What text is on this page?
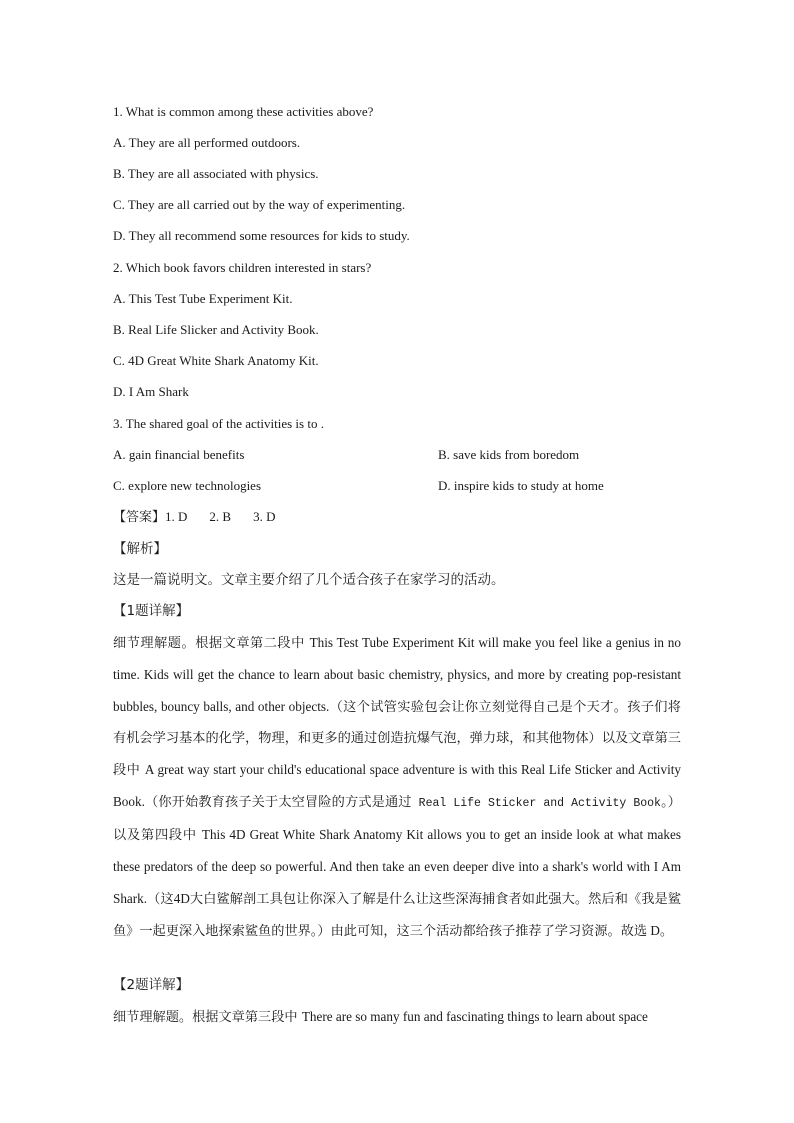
1. What is common among these activities above?
A. They are all performed outdoors.
B. They are all associated with physics.
C. They are all carried out by the way of experimenting.
D. They all recommend some resources for kids to study.
2. Which book favors children interested in stars?
A. This Test Tube Experiment Kit.
B. Real Life Slicker and Activity Book.
C. 4D Great White Shark Anatomy Kit.
D. I Am Shark
3. The shared goal of the activities is to .
A. gain financial benefits	B. save kids from boredom
C. explore new technologies	D. inspire kids to study at home
【答案】1. D 2. B 3. D
【解析】
这是一篇说明文。文章主要介绍了几个适合孩子在家学习的活动。
【1题详解】
细节理解题。根据文章第二段中 This Test Tube Experiment Kit will make you feel like a genius in no time. Kids will get the chance to learn about basic chemistry, physics, and more by creating pop-resistant bubbles, bouncy balls, and other objects.（这个试管实验包会让你立刻觉得自己是个天才。孩子们将有机会学习基本的化学，物理，和更多的通过创造抗爆气泡，弹力球，和其他物体）以及文章第三段中 A great way start your child's educational space adventure is with this Real Life Sticker and Activity Book.（你开始教育孩子关于太空冒险的方式是通过 Real Life Sticker and Activity Book。）以及第四段中 This 4D Great White Shark Anatomy Kit allows you to get an inside look at what makes these predators of the deep so powerful. And then take an even deeper dive into a shark's world with I Am Shark.（这4D大白鲨解剖工具包让你深入了解是什么让这些深海捕食者如此强大。然后和《我是鲨鱼》一起更深入地探索鲨鱼的世界。）由此可知，这三个活动都给孩子推荐了学习资源。故选 D。
【2题详解】
细节理解题。根据文章第三段中 There are so many fun and fascinating things to learn about space
